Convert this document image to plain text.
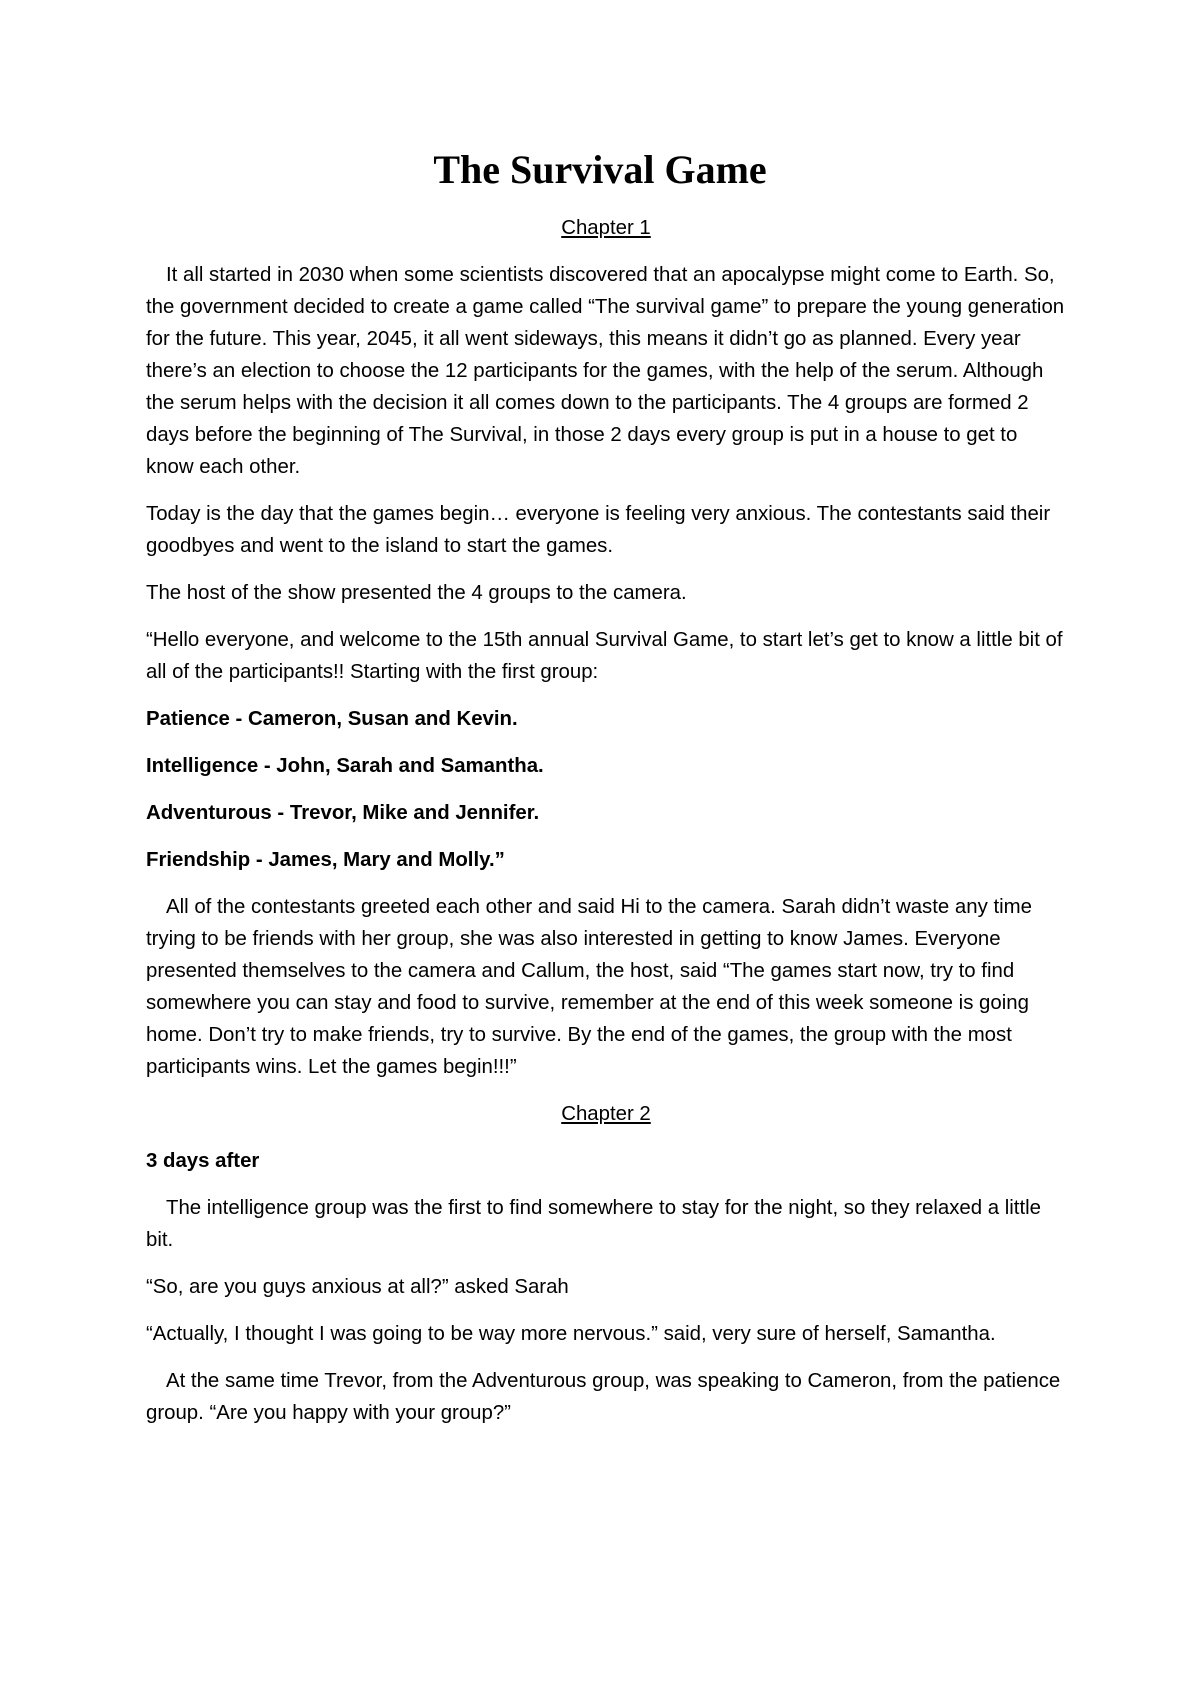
The Survival Game

Chapter 1

It all started in 2030 when some scientists discovered that an apocalypse might come to Earth. So, the government decided to create a game called “The survival game” to prepare the young generation for the future. This year, 2045, it all went sideways, this means it didn’t go as planned. Every year there’s an election to choose the 12 participants for the games, with the help of the serum. Although the serum helps with the decision it all comes down to the participants. The 4 groups are formed 2 days before the beginning of The Survival, in those 2 days every group is put in a house to get to know each other.

Today is the day that the games begin… everyone is feeling very anxious. The contestants said their goodbyes and went to the island to start the games.

The host of the show presented the 4 groups to the camera.

“Hello everyone, and welcome to the 15th annual Survival Game, to start let’s get to know a little bit of all of the participants!! Starting with the first group:

Patience - Cameron, Susan and Kevin.

Intelligence - John, Sarah and Samantha.

Adventurous - Trevor, Mike and Jennifer.

Friendship - James, Mary and Molly.”

All of the contestants greeted each other and said Hi to the camera. Sarah didn’t waste any time trying to be friends with her group, she was also interested in getting to know James. Everyone presented themselves to the camera and Callum, the host, said “The games start now, try to find somewhere you can stay and food to survive, remember at the end of this week someone is going home. Don’t try to make friends, try to survive. By the end of the games, the group with the most participants wins. Let the games begin!!!”

Chapter 2

3 days after

The intelligence group was the first to find somewhere to stay for the night, so they relaxed a little bit.

“So, are you guys anxious at all?” asked Sarah

“Actually, I thought I was going to be way more nervous.” said, very sure of herself, Samantha.

At the same time Trevor, from the Adventurous group, was speaking to Cameron, from the patience group. “Are you happy with your group?”
